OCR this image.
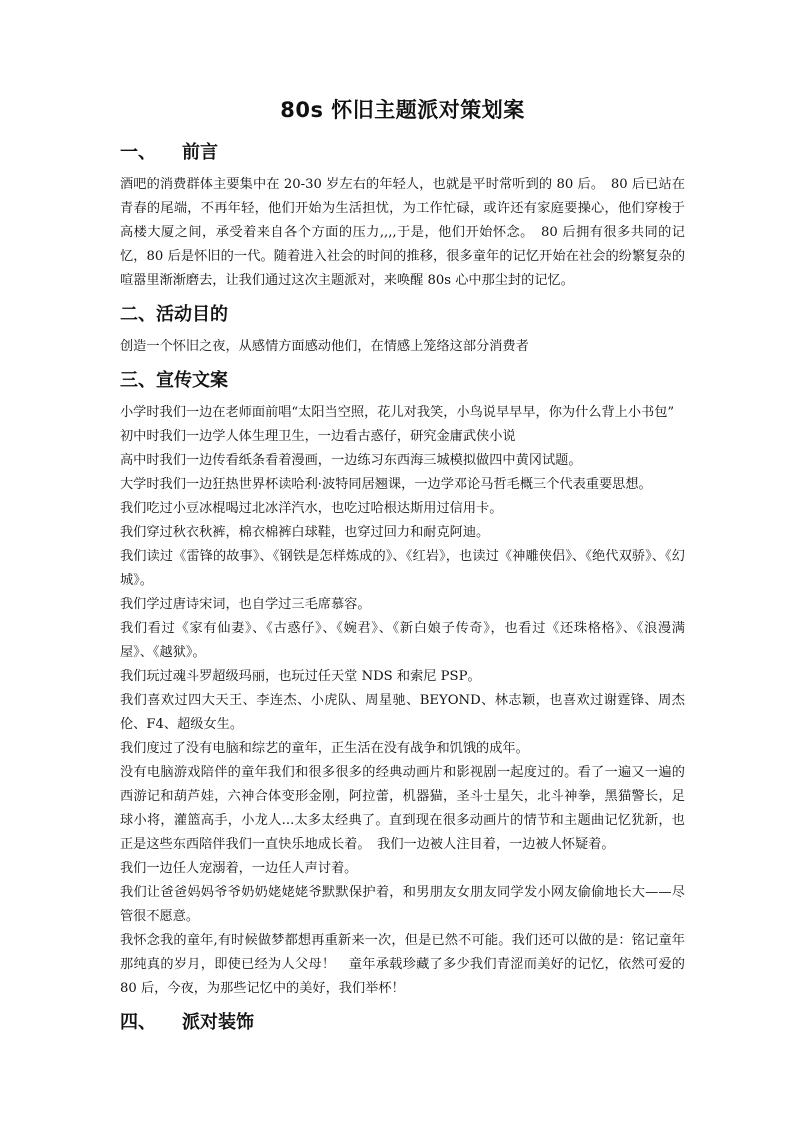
80s 怀旧主题派对策划案
一、 前言

酒吧的消费群体主要集中在 20-30 岁左右的年轻人，也就是平时常听到的 80 后。　80 后已站在青春的尾端，不再年轻，他们开始为生活担忧，为工作忙碌，或许还有家庭要操心，他们穿梭于高楼大厦之间，承受着来自各个方面的压力,,,,于是，他们开始怀念。　80 后拥有很多共同的记忆，80 后是怀旧的一代。随着进入社会的时间的推移，很多童年的记忆开始在社会的纷繁复杂的喧嚣里渐渐磨去，让我们通过这次主题派对，来唤醒 80s 心中那尘封的记忆。

二、活动目的

创造一个怀旧之夜，从感情方面感动他们，在情感上笼络这部分消费者

三、宣传文案

小学时我们一边在老师面前唱“太阳当空照，花儿对我笑，小鸟说早早早，你为什么背上小书包”

初中时我们一边学人体生理卫生，一边看古惑仔，研究金庸武侠小说

高中时我们一边传看纸条看着漫画，一边练习东西海三城模拟做四中黄冈试题。

大学时我们一边狂热世界杯读哈利·波特同居翘课，一边学邓论马哲毛概三个代表重要思想。

我们吃过小豆冰棍喝过北冰洋汽水，也吃过哈根达斯用过信用卡。

我们穿过秋衣秋裤，棉衣棉裤白球鞋，也穿过回力和耐克阿迪。

我们读过《雷锋的故事》、《钢铁是怎样炼成的》、《红岩》，也读过《神雕侠侣》、《绝代双骄》、《幻城》。

我们学过唐诗宋词，也自学过三毛席慕容。

我们看过《家有仙妻》、《古惑仔》、《婉君》、《新白娘子传奇》，也看过《还珠格格》、《浪漫满屋》、《越狱》。

我们玩过魂斗罗超级玛丽，也玩过任天堂 NDS 和索尼 PSP。

我们喜欢过四大天王、李连杰、小虎队、周星驰、BEYOND、林志颖，也喜欢过谢霆锋、周杰伦、F4、超级女生。

我们度过了没有电脑和综艺的童年，正生活在没有战争和饥饿的成年。

没有电脑游戏陪伴的童年我们和很多很多的经典动画片和影视剧一起度过的。看了一遍又一遍的西游记和葫芦娃，六神合体变形金刚，阿拉蕾，机器猫，圣斗士星矢，北斗神拳，黑猫警长，足球小将，灌篮高手，小龙人...太多太经典了。直到现在很多动画片的情节和主题曲记忆犹新，也正是这些东西陪伴我们一直快乐地成长着。　我们一边被人注目着，一边被人怀疑着。

我们一边任人宠溺着，一边任人声讨着。

我们让爸爸妈妈爷爷奶奶姥姥姥爷默默保护着，和男朋友女朋友同学发小网友偷偷地长大——尽管很不愿意。

我怀念我的童年,有时候做梦都想再重新来一次，但是已然不可能。我们还可以做的是：铭记童年那纯真的岁月，即使已经为人父母！　童年承载珍藏了多少我们青涩而美好的记忆，依然可爱的 80 后，今夜，为那些记忆中的美好，我们举杯！

四、 派对装饰
